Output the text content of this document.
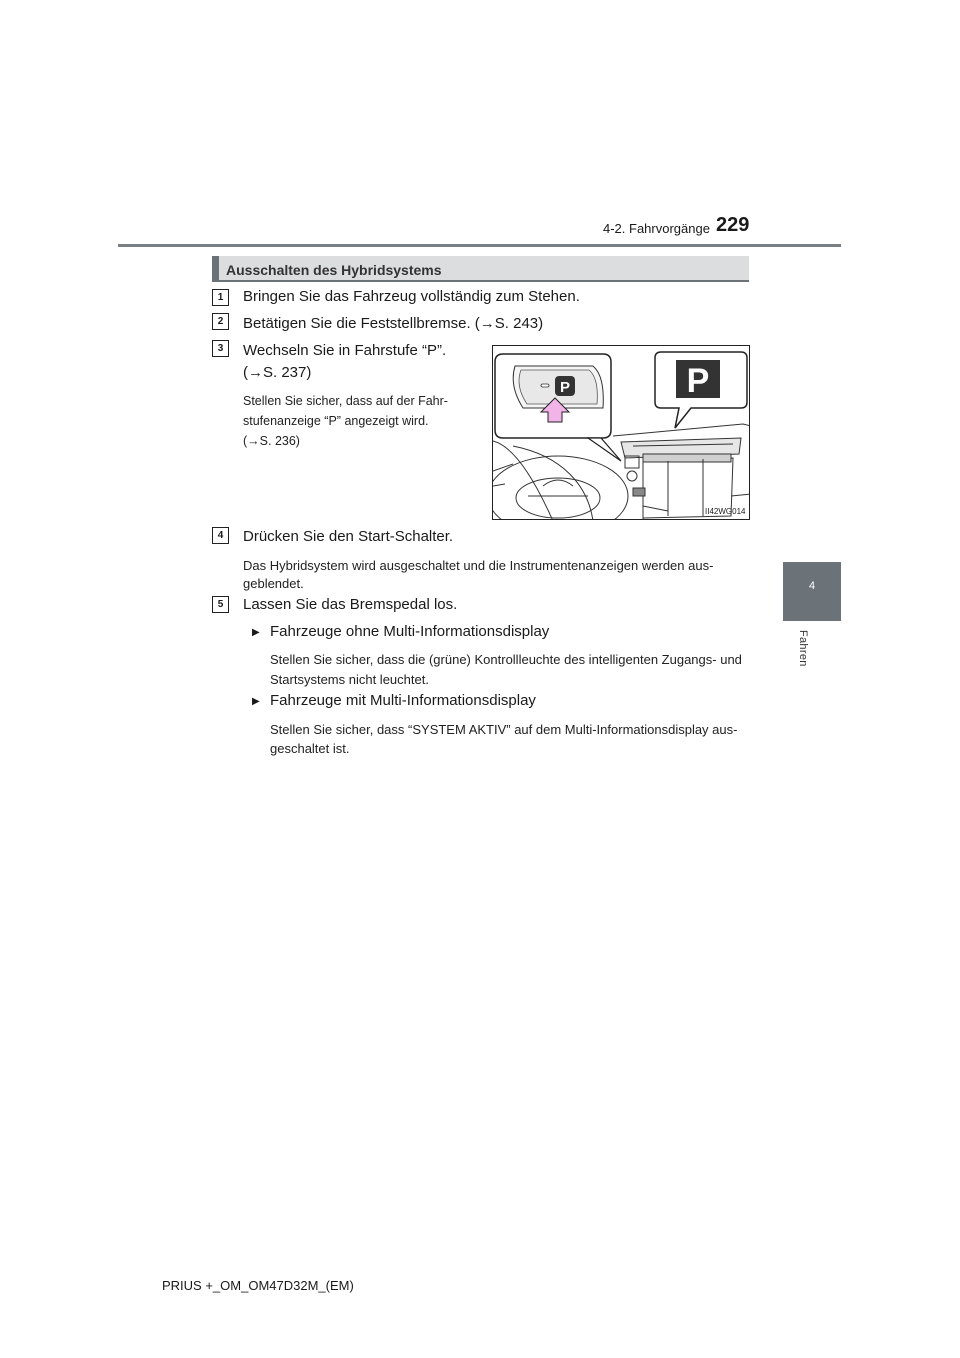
4-2. Fahrvorgänge 229
4
Fahren
Ausschalten des Hybridsystems
1	Bringen Sie das Fahrzeug vollständig zum Stehen.
2	Betätigen Sie die Feststellbremse. (→S. 243)
3	Wechseln Sie in Fahrstufe “P”.
(→S. 237)
Stellen Sie sicher, dass auf der Fahr-
stufenanzeige “P” angezeigt wird.
(→S. 236)
P	P
II42WG014
4	Drücken Sie den Start-Schalter.
Das Hybridsystem wird ausgeschaltet und die Instrumentenanzeigen werden aus-
geblendet.
5	Lassen Sie das Bremspedal los.
▶ Fahrzeuge ohne Multi-Informationsdisplay
Stellen Sie sicher, dass die (grüne) Kontrollleuchte des intelligenten Zugangs- und
Startsystems nicht leuchtet.
▶ Fahrzeuge mit Multi-Informationsdisplay
Stellen Sie sicher, dass “SYSTEM AKTIV” auf dem Multi-Informationsdisplay aus-
geschaltet ist.
PRIUS +_OM_OM47D32M_(EM)
